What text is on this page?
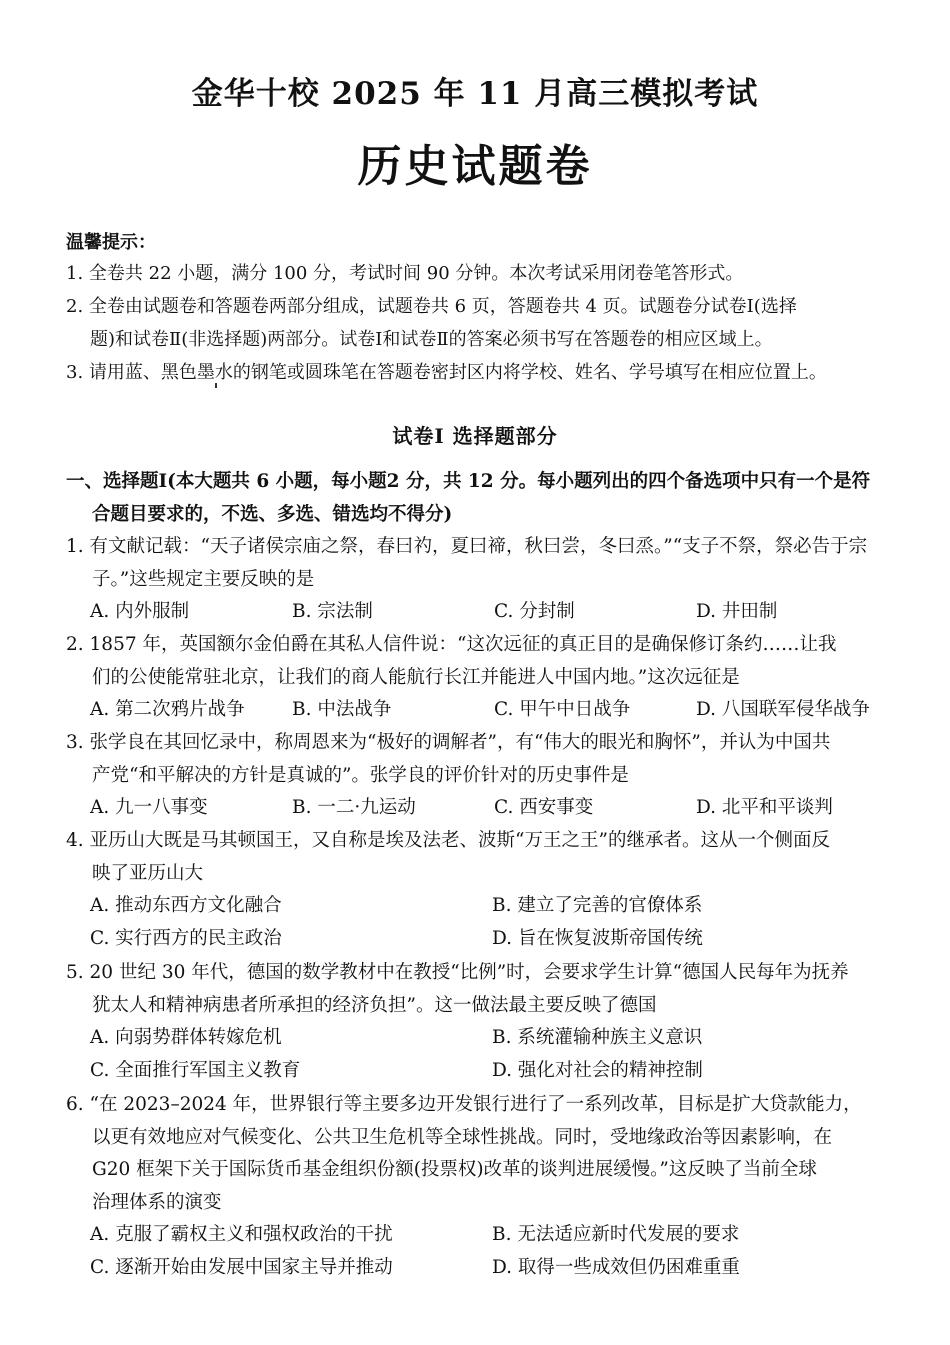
金华十校 2025 年 11 月高三模拟考试
历史试题卷
温馨提示：
1. 全卷共 22 小题，满分 100 分，考试时间 90 分钟。本次考试采用闭卷笔答形式。
2. 全卷由试题卷和答题卷两部分组成，试题卷共 6 页，答题卷共 4 页。试题卷分试卷Ⅰ(选择
题)和试卷Ⅱ(非选择题)两部分。试卷Ⅰ和试卷Ⅱ的答案必须书写在答题卷的相应区域上。
3. 请用蓝、黑色墨水的钢笔或圆珠笔在答题卷密封区内将学校、姓名、学号填写在相应位置上。
试卷Ⅰ 选择题部分
一、选择题Ⅰ(本大题共 6 小题，每小题2 分，共 12 分。每小题列出的四个备选项中只有一个是符
合题目要求的，不选、多选、错选均不得分)
1. 有文献记载：“天子诸侯宗庙之祭，春曰礿，夏曰禘，秋曰尝，冬曰烝。”“支子不祭，祭必告于宗
子。”这些规定主要反映的是
A. 内外服制	B. 宗法制	C. 分封制	D. 井田制
2. 1857 年，英国额尔金伯爵在其私人信件说：“这次远征的真正目的是确保修订条约……让我
们的公使能常驻北京，让我们的商人能航行长江并能进人中国内地。”这次远征是
A. 第二次鸦片战争	B. 中法战争	C. 甲午中日战争	D. 八国联军侵华战争
3. 张学良在其回忆录中，称周恩来为“极好的调解者”，有“伟大的眼光和胸怀”，并认为中国共
产党“和平解决的方针是真诚的”。张学良的评价针对的历史事件是
A. 九一八事变	B. 一二·九运动	C. 西安事变	D. 北平和平谈判
4. 亚历山大既是马其顿国王，又自称是埃及法老、波斯“万王之王”的继承者。这从一个侧面反
映了亚历山大
A. 推动东西方文化融合	B. 建立了完善的官僚体系
C. 实行西方的民主政治	D. 旨在恢复波斯帝国传统
5. 20 世纪 30 年代，德国的数学教材中在教授“比例”时，会要求学生计算“德国人民每年为抚养
犹太人和精神病患者所承担的经济负担”。这一做法最主要反映了德国
A. 向弱势群体转嫁危机	B. 系统灌输种族主义意识
C. 全面推行军国主义教育	D. 强化对社会的精神控制
6. “在 2023–2024 年，世界银行等主要多边开发银行进行了一系列改革，目标是扩大贷款能力，
以更有效地应对气候变化、公共卫生危机等全球性挑战。同时，受地缘政治等因素影响，在
G20 框架下关于国际货币基金组织份额(投票权)改革的谈判进展缓慢。”这反映了当前全球
治理体系的演变
A. 克服了霸权主义和强权政治的干扰	B. 无法适应新时代发展的要求
C. 逐渐开始由发展中国家主导并推动	D. 取得一些成效但仍困难重重
